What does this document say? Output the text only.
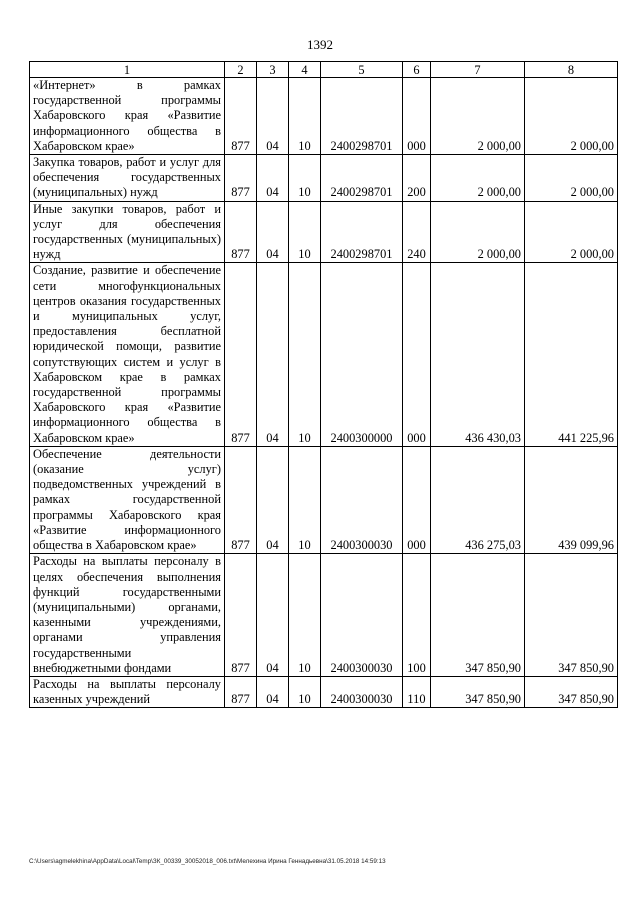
1392
1	2	3	4	5	6	7	8
«Интернет» в рамках государственной программы Хабаровского края «Развитие информационного общества в Хабаровском крае»	877	04	10	2400298701	000	2 000,00	2 000,00
Закупка товаров, работ и услуг для обеспечения государственных (муниципальных) нужд	877	04	10	2400298701	200	2 000,00	2 000,00
Иные закупки товаров, работ и услуг для обеспечения государственных (муниципальных) нужд	877	04	10	2400298701	240	2 000,00	2 000,00
Создание, развитие и обеспечение сети многофункциональных центров оказания государственных и муниципальных услуг, предоставления бесплатной юридической помощи, развитие сопутствующих систем и услуг в Хабаровском крае в рамках государственной программы Хабаровского края «Развитие информационного общества в Хабаровском крае»	877	04	10	2400300000	000	436 430,03	441 225,96
Обеспечение деятельности (оказание услуг) подведомственных учреждений в рамках государственной программы Хабаровского края «Развитие информационного общества в Хабаровском крае»	877	04	10	2400300030	000	436 275,03	439 099,96
Расходы на выплаты персоналу в целях обеспечения выполнения функций государственными (муниципальными) органами, казенными учреждениями, органами управления государственными внебюджетными фондами	877	04	10	2400300030	100	347 850,90	347 850,90
Расходы на выплаты персоналу казенных учреждений	877	04	10	2400300030	110	347 850,90	347 850,90
C:\Users\agmelekhina\AppData\Local\Temp\ЗК_00339_30052018_006.txt\Мелехина Ирина Геннадьевна\31.05.2018 14:59:13
